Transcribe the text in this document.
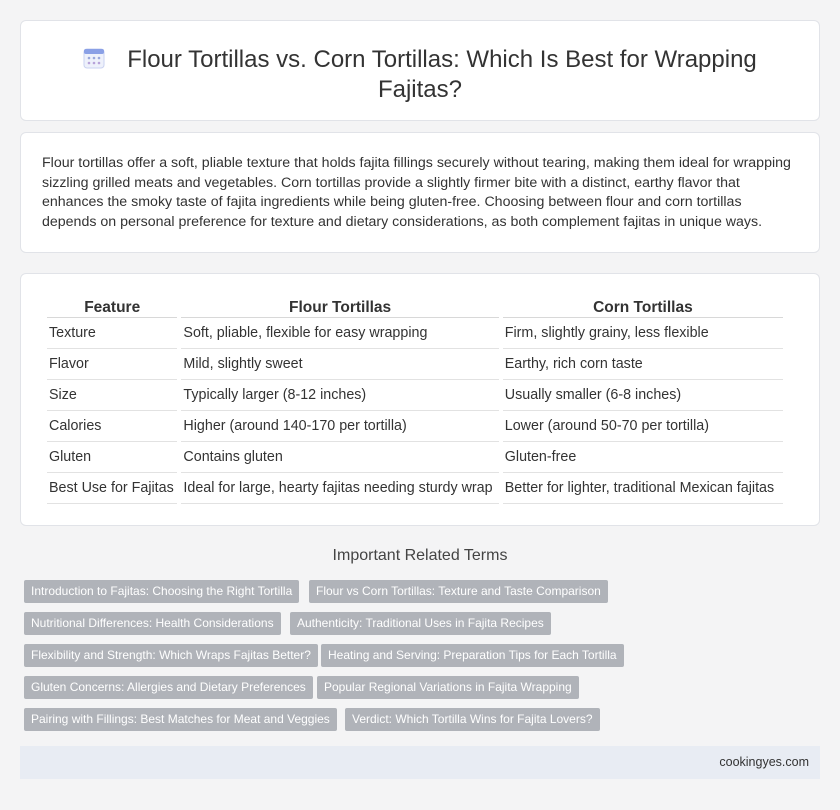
Flour Tortillas vs. Corn Tortillas: Which Is Best for Wrapping Fajitas?

Flour tortillas offer a soft, pliable texture that holds fajita fillings securely without tearing, making them ideal for wrapping sizzling grilled meats and vegetables. Corn tortillas provide a slightly firmer bite with a distinct, earthy flavor that enhances the smoky taste of fajita ingredients while being gluten-free. Choosing between flour and corn tortillas depends on personal preference for texture and dietary considerations, as both complement fajitas in unique ways.

Feature	Flour Tortillas	Corn Tortillas
Texture	Soft, pliable, flexible for easy wrapping	Firm, slightly grainy, less flexible
Flavor	Mild, slightly sweet	Earthy, rich corn taste
Size	Typically larger (8-12 inches)	Usually smaller (6-8 inches)
Calories	Higher (around 140-170 per tortilla)	Lower (around 50-70 per tortilla)
Gluten	Contains gluten	Gluten-free
Best Use for Fajitas	Ideal for large, hearty fajitas needing sturdy wrap	Better for lighter, traditional Mexican fajitas
Important Related Terms
Introduction to Fajitas: Choosing the Right Tortilla	Flour vs Corn Tortillas: Texture and Taste Comparison
Nutritional Differences: Health Considerations	Authenticity: Traditional Uses in Fajita Recipes
Flexibility and Strength: Which Wraps Fajitas Better?	Heating and Serving: Preparation Tips for Each Tortilla
Gluten Concerns: Allergies and Dietary Preferences	Popular Regional Variations in Fajita Wrapping
Pairing with Fillings: Best Matches for Meat and Veggies	Verdict: Which Tortilla Wins for Fajita Lovers?
cookingyes.com
